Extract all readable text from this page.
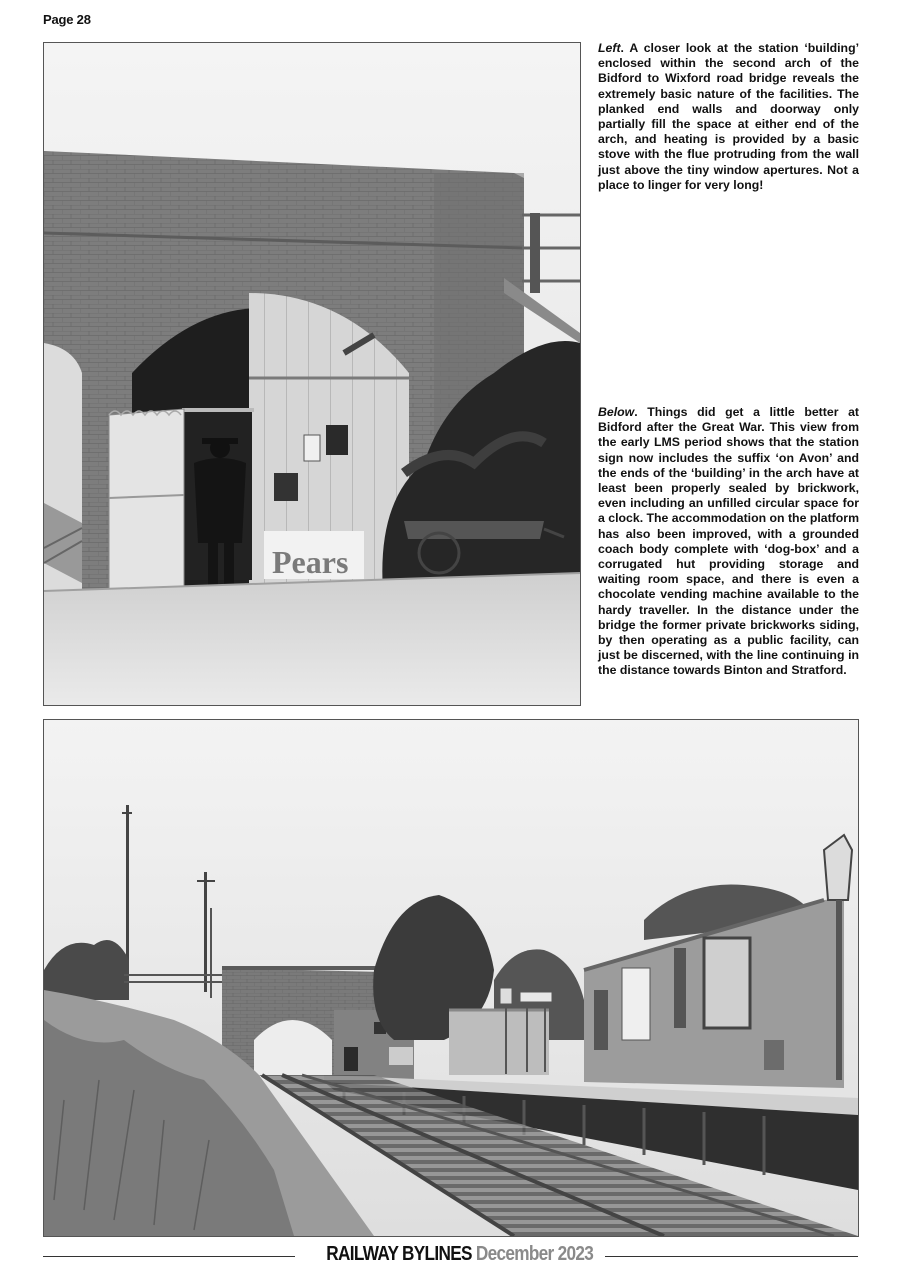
Page 28
Pears
Left. A closer look at the station ‘building’ enclosed within the second arch of the Bidford to Wixford road bridge reveals the extremely basic nature of the facilities. The planked end walls and doorway only partially fill the space at either end of the arch, and heating is provided by a basic stove with the flue protruding from the wall just above the tiny window apertures. Not a place to linger for very long!
Below. Things did get a little better at Bidford after the Great War. This view from the early LMS period shows that the station sign now includes the suffix ‘on Avon’ and the ends of the ‘building’ in the arch have at least been properly sealed by brickwork, even including an unfilled circular space for a clock. The accommodation on the platform has also been improved, with a grounded coach body complete with ‘dog-box’ and a corrugated hut providing storage and waiting room space, and there is even a chocolate vending machine available to the hardy traveller. In the distance under the bridge the former private brickworks siding, by then operating as a public facility, can just be discerned, with the line continuing in the distance towards Binton and Stratford.
RAILWAY BYLINES December 2023
